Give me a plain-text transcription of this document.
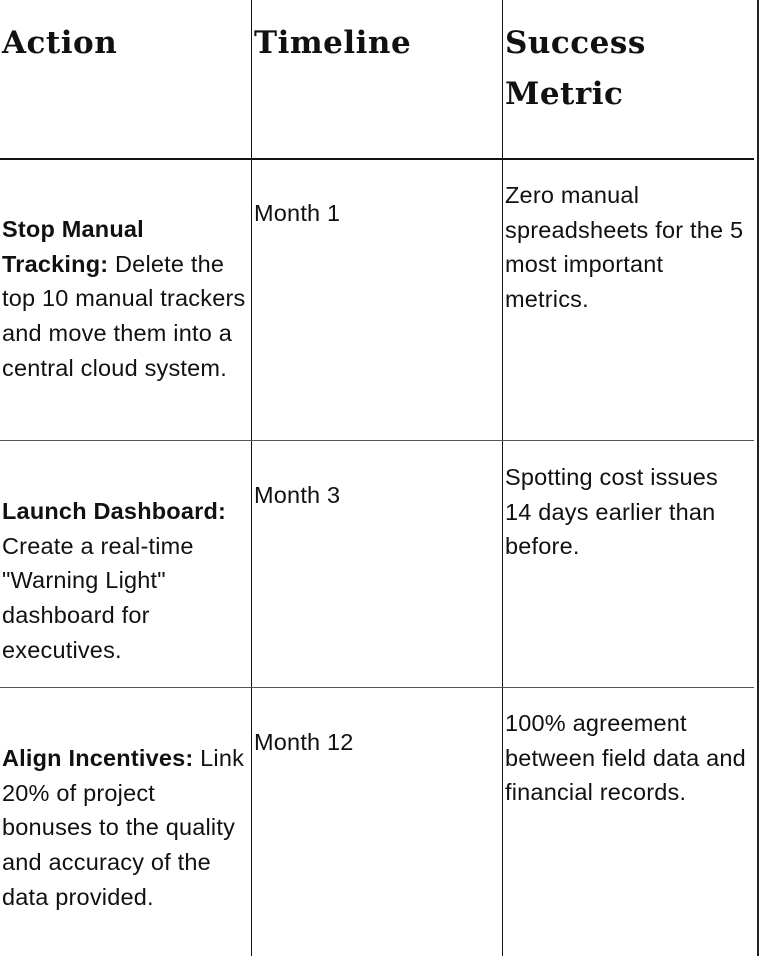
Action	Timeline	Success
Metric
Stop Manual Tracking: Delete the top 10 manual trackers and move them into a central cloud system.
Month 1
Zero manual spreadsheets for the 5 most important metrics.
Launch Dashboard: Create a real-time "Warning Light" dashboard for executives.
Month 3
Spotting cost issues 14 days earlier than before.
Align Incentives: Link 20% of project bonuses to the quality and accuracy of the data provided.
Month 12
100% agreement between field data and financial records.
